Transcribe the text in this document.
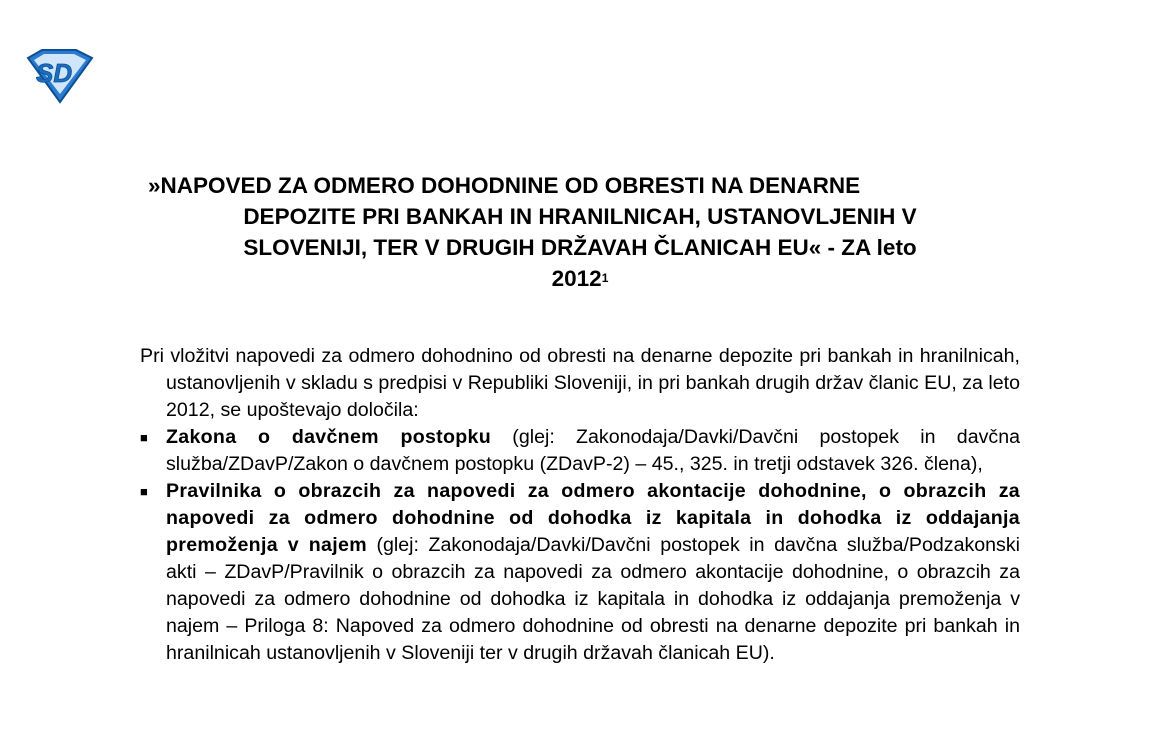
SD
»NAPOVED ZA ODMERO DOHODNINE OD OBRESTI NA DENARNE
DEPOZITE PRI BANKAH IN HRANILNICAH, USTANOVLJENIH V
SLOVENIJI, TER V DRUGIH DRŽAVAH ČLANICAH EU« - ZA leto
2012$^1$

Pri vložitvi napovedi za odmero dohodnino od obresti na denarne depozite pri bankah in hranilnicah, ustanovljenih v skladu s predpisi v Republiki Sloveniji, in pri bankah drugih držav članic EU, za leto 2012, se upoštevajo določila:

■ Zakona o davčnem postopku (glej: Zakonodaja/Davki/Davčni postopek in davčna služba/ZDavP/Zakon o davčnem postopku (ZDavP-2) – 45., 325. in tretji odstavek 326. člena),
■ Pravilnika o obrazcih za napovedi za odmero akontacije dohodnine, o obrazcih za napovedi za odmero dohodnine od dohodka iz kapitala in dohodka iz oddajanja premoženja v najem (glej: Zakonodaja/Davki/Davčni postopek in davčna služba/Podzakonski akti – ZDavP/Pravilnik o obrazcih za napovedi za odmero akontacije dohodnine, o obrazcih za napovedi za odmero dohodnine od dohodka iz kapitala in dohodka iz oddajanja premoženja v najem – Priloga 8: Napoved za odmero dohodnine od obresti na denarne depozite pri bankah in hranilnicah ustanovljenih v Sloveniji ter v drugih državah članicah EU).
